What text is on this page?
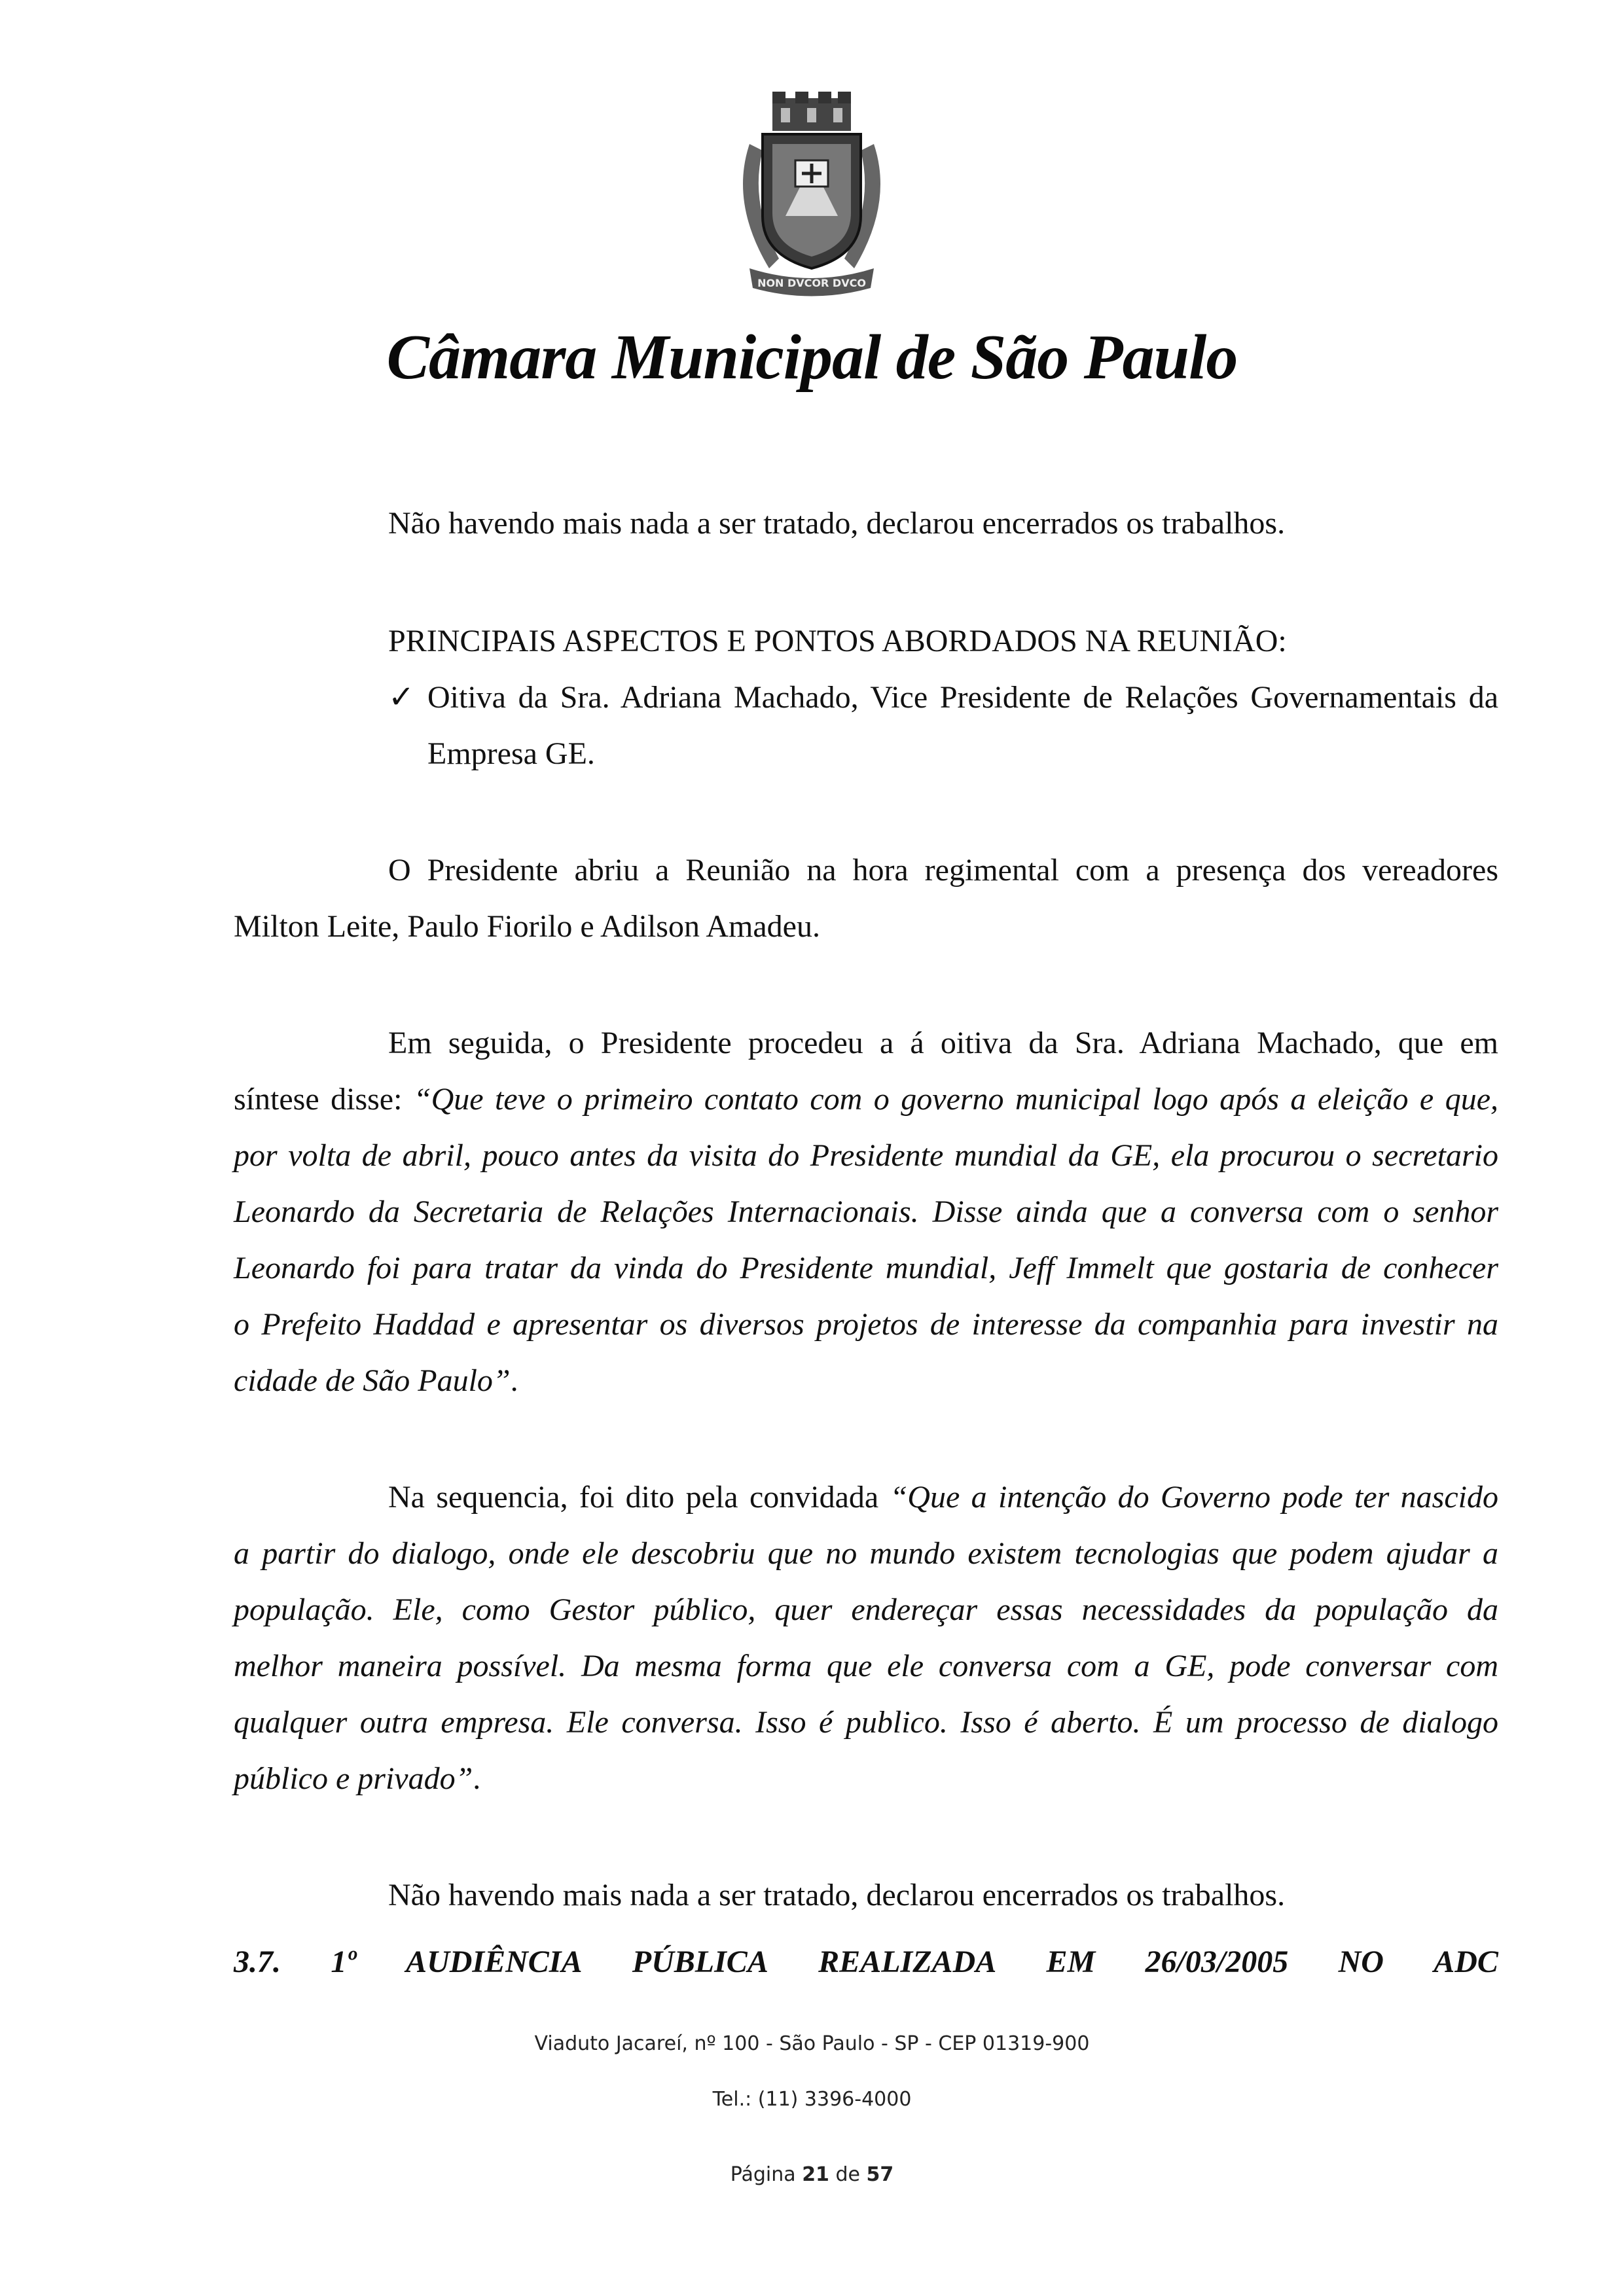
NON DVCOR DVCO
Câmara Municipal de São Paulo

Não havendo mais nada a ser tratado, declarou encerrados os trabalhos.

PRINCIPAIS ASPECTOS E PONTOS ABORDADOS NA REUNIÃO:

✓ Oitiva da Sra. Adriana Machado, Vice Presidente de Relações Governamentais da

Empresa GE.

O Presidente abriu a Reunião na hora regimental com a presença dos vereadores

Milton Leite, Paulo Fiorilo e Adilson Amadeu.

Em seguida, o Presidente procedeu a á oitiva da Sra. Adriana Machado, que em

síntese disse: “Que teve o primeiro contato com o governo municipal logo após a eleição e que,

por volta de abril, pouco antes da visita do Presidente mundial da GE, ela procurou o secretario

Leonardo da Secretaria de Relações Internacionais. Disse ainda que a conversa com o senhor

Leonardo foi para tratar da vinda do Presidente mundial, Jeff Immelt que gostaria de conhecer

o Prefeito Haddad e apresentar os diversos projetos de interesse da companhia para investir na

cidade de São Paulo”.

Na sequencia, foi dito pela convidada “Que a intenção do Governo pode ter nascido

a partir do dialogo, onde ele descobriu que no mundo existem tecnologias que podem ajudar a

população. Ele, como Gestor público, quer endereçar essas necessidades da população da

melhor maneira possível. Da mesma forma que ele conversa com a GE, pode conversar com

qualquer outra empresa. Ele conversa. Isso é publico. Isso é aberto. É um processo de dialogo

público e privado”.

Não havendo mais nada a ser tratado, declarou encerrados os trabalhos.

3.7. 1º AUDIÊNCIA PÚBLICA REALIZADA EM 26/03/2005 NO ADC
Viaduto Jacareí, nº 100 - São Paulo - SP - CEP 01319-900
Tel.: (11) 3396-4000
Página 21 de 57
